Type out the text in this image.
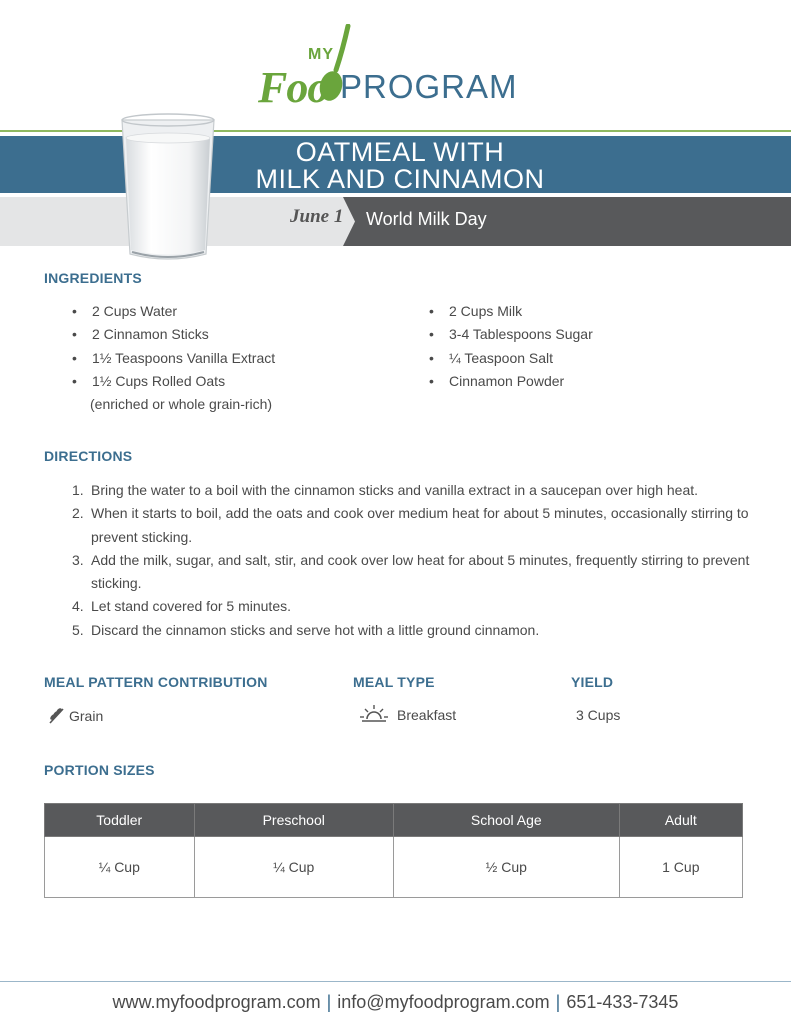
MY
Foo PROGRAM
OATMEAL WITH
MILK AND CINNAMON
June 1	World Milk Day
INGREDIENTS
• 2 Cups Water
• 2 Cinnamon Sticks
• 1½ Teaspoons Vanilla Extract
• 1½ Cups Rolled Oats
(enriched or whole grain-rich)
• 2 Cups Milk
• 3-4 Tablespoons Sugar
• ¼ Teaspoon Salt
• Cinnamon Powder
DIRECTIONS
1. Bring the water to a boil with the cinnamon sticks and vanilla extract in a saucepan over high heat.
2. When it starts to boil, add the oats and cook over medium heat for about 5 minutes, occasionally stirring to prevent sticking.
3. Add the milk, sugar, and salt, stir, and cook over low heat for about 5 minutes, frequently stirring to prevent sticking.
4. Let stand covered for 5 minutes.
5. Discard the cinnamon sticks and serve hot with a little ground cinnamon.
MEAL PATTERN CONTRIBUTION
Grain
MEAL TYPE
Breakfast
YIELD
3 Cups
PORTION SIZES
Toddler	Preschool	School Age	Adult
¼ Cup	¼ Cup	½ Cup	1 Cup
www.myfoodprogram.com | info@myfoodprogram.com | 651-433-7345
